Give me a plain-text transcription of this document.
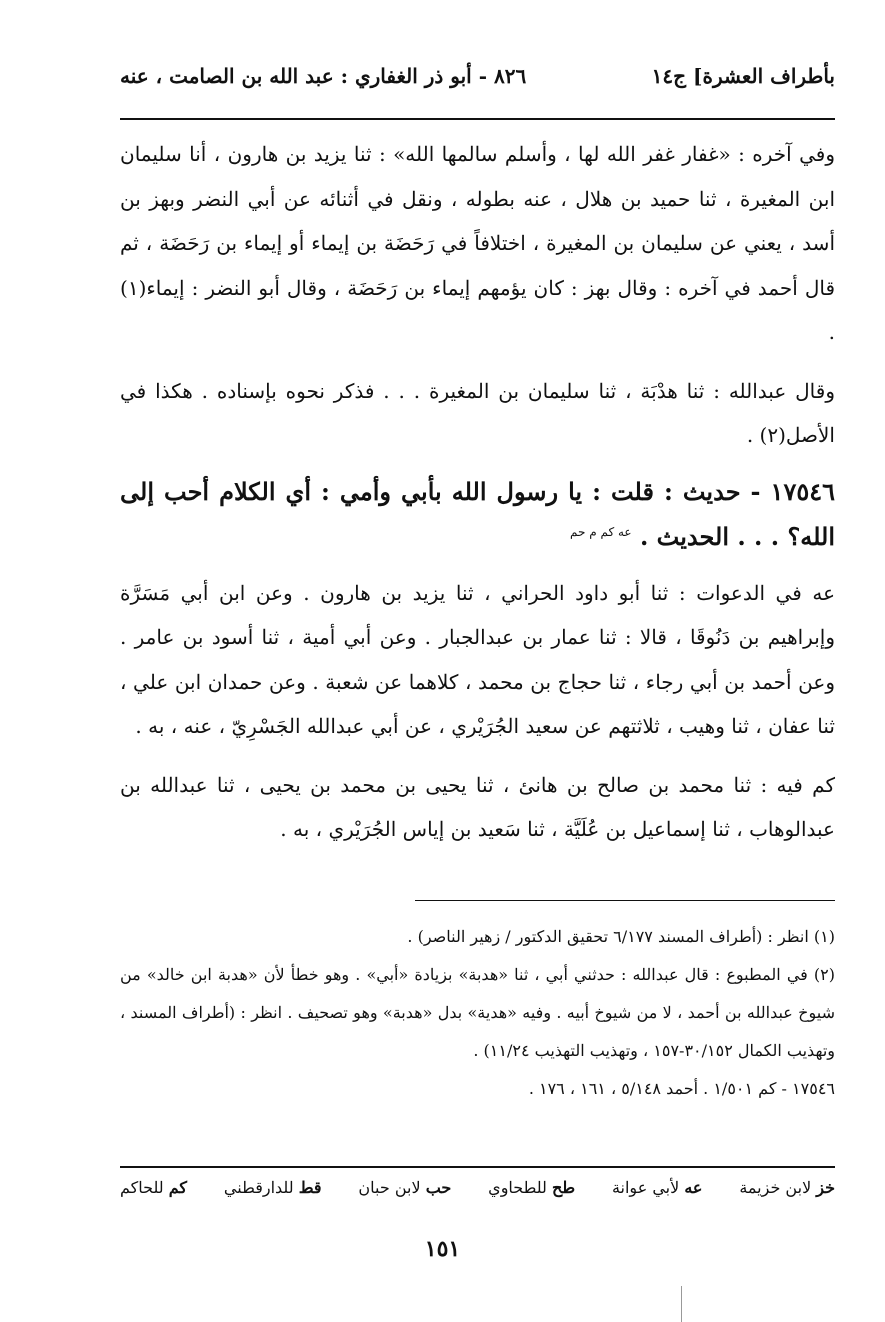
بأطراف العشرة] ج١٤
٨٢٦ - أبو ذر الغفاري : عبد الله بن الصامت ، عنه

وفي آخره : «غفار غفر الله لها ، وأسلم سالمها الله» : ثنا يزيد بن هارون ، أنا سليمان ابن المغيرة ، ثنا حميد بن هلال ، عنه بطوله ، ونقل في أثنائه عن أبي النضر وبهز بن أسد ، يعني عن سليمان بن المغيرة ، اختلافاً في رَحَضَة بن إيماء أو إيماء بن رَحَضَة ، ثم قال أحمد في آخره : وقال بهز : كان يؤمهم إيماء بن رَحَضَة ، وقال أبو النضر : إيماء(١) .

وقال عبدالله : ثنا هدْبَة ، ثنا سليمان بن المغيرة . . . فذكر نحوه بإسناده . هكذا في الأصل(٢) .

١٧٥٤٦ - حديث : قلت : يا رسول الله بأبي وأمي : أي الكلام أحب إلى الله؟ . . . الحديث . $^{عه كم م حم}$

عه في الدعوات : ثنا أبو داود الحراني ، ثنا يزيد بن هارون . وعن ابن أبي مَسَرَّة وإبراهيم بن دَنُوقَا ، قالا : ثنا عمار بن عبدالجبار . وعن أبي أمية ، ثنا أسود بن عامر . وعن أحمد بن أبي رجاء ، ثنا حجاج بن محمد ، كلاهما عن شعبة . وعن حمدان ابن علي ، ثنا عفان ، ثنا وهيب ، ثلاثتهم عن سعيد الجُرَيْري ، عن أبي عبدالله الجَسْرِيّ ، عنه ، به .

كم فيه : ثنا محمد بن صالح بن هانئ ، ثنا يحيى بن محمد بن يحيى ، ثنا عبدالله بن عبدالوهاب ، ثنا إسماعيل بن عُلَيَّة ، ثنا سَعيد بن إياس الجُرَيْري ، به .

(١) انظر : (أطراف المسند ٦/١٧٧ تحقيق الدكتور / زهير الناصر) .

(٢) في المطبوع : قال عبدالله : حدثني أبي ، ثنا «هدبة» بزيادة «أبي» . وهو خطأ لأن «هدبة ابن خالد» من شيوخ عبدالله بن أحمد ، لا من شيوخ أبيه . وفيه «هدية» بدل «هدبة» وهو تصحيف . انظر : (أطراف المسند ، وتهذيب الكمال ٣٠/١٥٢-١٥٧ ، وتهذيب التهذيب ١١/٢٤) .

١٧٥٤٦ - كم ١/٥٠١ . أحمد ٥/١٤٨ ، ١٦١ ، ١٧٦ .

خز لابن خزيمة
عه لأبي عوانة
طح للطحاوي
حب لابن حبان
قط للدارقطني
كم للحاكم
١٥١
